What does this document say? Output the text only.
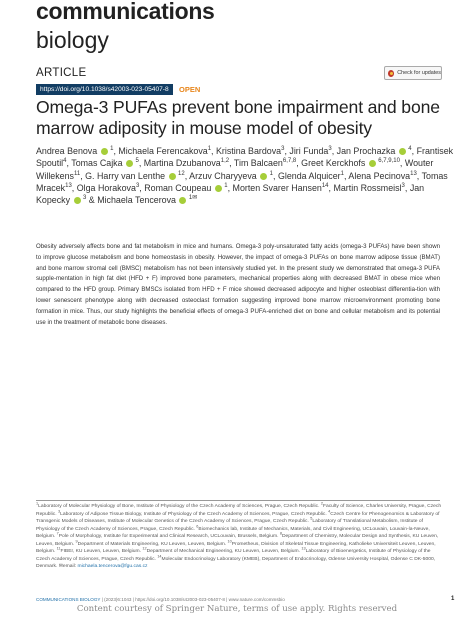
communications
biology
Check for updates
ARTICLE
https://doi.org/10.1038/s42003-023-05407-8	OPEN
Omega-3 PUFAs prevent bone impairment and bone marrow adiposity in mouse model of obesity
Andrea Benova $^1$, Michaela Ferencakova$^1$, Kristina Bardova$^3$, Jiri Funda$^3$, Jan Prochazka $^4$, Frantisek Spoutil$^4$, Tomas Cajka $^5$, Martina Dzubanova$^{1,2}$, Tim Balcaen$^{6,7,8}$, Greet Kerckhofs $^{6,7,9,10}$, Wouter Willekens$^{11}$, G. Harry van Lenthe $^{12}$, Arzuv Charyyeva $^1$, Glenda Alquicer$^1$, Alena Pecinova$^{13}$, Tomas Mracek$^{13}$, Olga Horakova$^3$, Roman Coupeau $^1$, Morten Svarer Hansen$^{14}$, Martin Rossmeisl$^3$, Jan Kopecky $^3$ & Michaela Tencerova $^{1✉}$
Obesity adversely affects bone and fat metabolism in mice and humans. Omega-3 poly-unsaturated fatty acids (omega-3 PUFAs) have been shown to improve glucose metabolism and bone homeostasis in obesity. However, the impact of omega-3 PUFAs on bone marrow adipose tissue (BMAT) and bone marrow stromal cell (BMSC) metabolism has not been intensively studied yet. In the present study we demonstrated that omega-3 PUFA supple-mentation in high fat diet (HFD + F) improved bone parameters, mechanical properties along with decreased BMAT in obese mice when compared to the HFD group. Primary BMSCs isolated from HFD + F mice showed decreased adipocyte and higher osteoblast differentia-tion with lower senescent phenotype along with decreased osteoclast formation suggesting improved bone marrow microenvironment promoting bone formation in mice. Thus, our study highlights the beneficial effects of omega-3 PUFA-enriched diet on bone and cellular metabolism and its potential use in the treatment of metabolic bone diseases.
$^1$Laboratory of Molecular Physiology of Bone, Institute of Physiology of the Czech Academy of Sciences, Prague, Czech Republic. $^2$Faculty of Science, Charles University, Prague, Czech Republic. $^3$Laboratory of Adipose Tissue Biology, Institute of Physiology of the Czech Academy of Sciences, Prague, Czech Republic. $^4$Czech Centre for Phenogenomics & Laboratory of Transgenic Models of Diseases, Institute of Molecular Genetics of the Czech Academy of Sciences, Prague, Czech Republic. $^5$Laboratory of Translational Metabolism, Institute of Physiology of the Czech Academy of Sciences, Prague, Czech Republic. $^6$Biomechanics lab, Institute of Mechanics, Materials, and Civil Engineering, UCLouvain, Louvain-la-Neuve, Belgium. $^7$Pole of Morphology, Institute for Experimental and Clinical Research, UCLouvain, Brussels, Belgium. $^8$Department of Chemistry, Molecular Design and Synthesis, KU Leuven, Leuven, Belgium. $^9$Department of Materials Engineering, KU Leuven, Leuven, Belgium. $^{10}$Prometheus, Division of Skeletal Tissue Engineering, Katholieke Universiteit Leuven, Leuven, Belgium. $^{11}$FIBEr, KU Leuven, Leuven, Belgium. $^{12}$Department of Mechanical Engineering, KU Leuven, Leuven, Belgium. $^{13}$Laboratory of Bioenergetics, Institute of Physiology of the Czech Academy of Sciences, Prague, Czech Republic. $^{14}$Molecular Endocrinology Laboratory (KMEB), Department of Endocrinology, Odense University Hospital, Odense C DK-5000, Denmark. ✉email: michaela.tencerova@fgu.cas.cz
COMMUNICATIONS BIOLOGY | (2023)6:1043 | https://doi.org/10.1038/s42003-023-05407-8 | www.nature.com/commsbio	1
Content courtesy of Springer Nature, terms of use apply. Rights reserved
